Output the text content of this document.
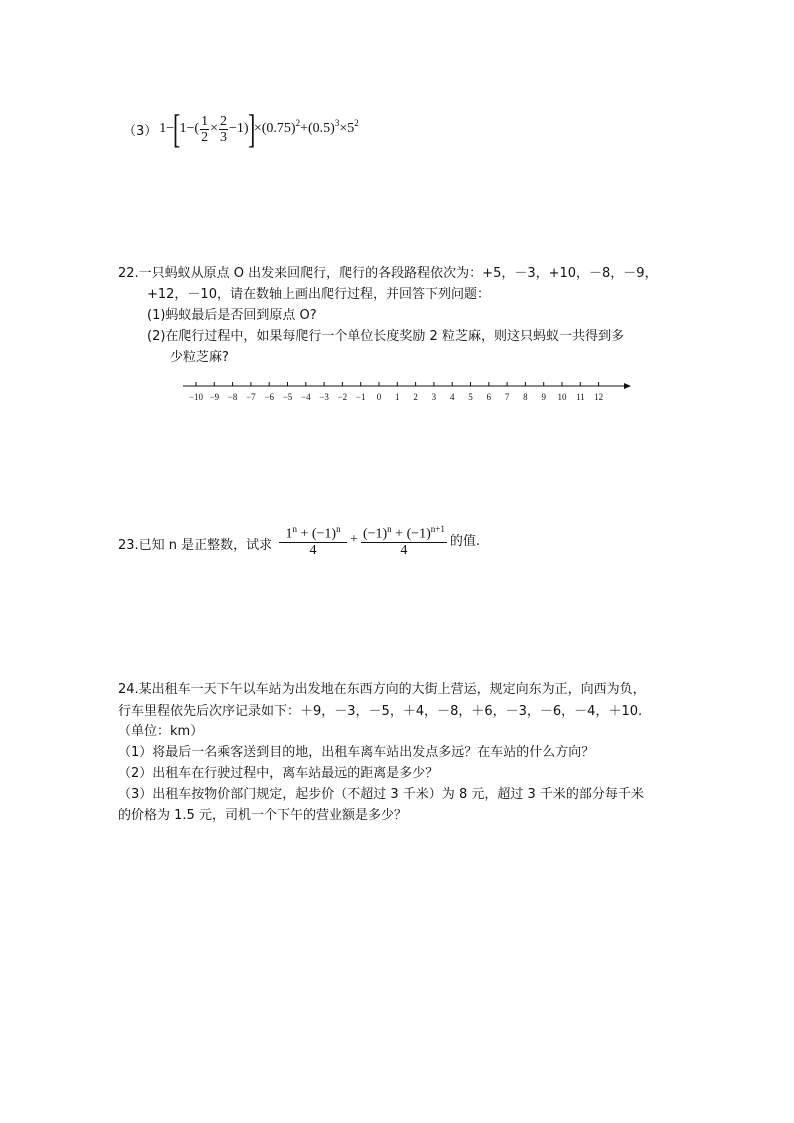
（3） 1 −
[
$1-( \frac{1}{2} \times \frac{2}{3} -1)$
]
$\times(0.75)^2 +(0.5)^3 \times 5^2$
22.一只蚂蚁从原点 O 出发来回爬行，爬行的各段路程依次为：+5，－3，+10，－8，－9，
+12，－10，请在数轴上画出爬行过程，并回答下列问题：
(1)蚂蚁最后是否回到原点 O?
(2)在爬行过程中，如果每爬行一个单位长度奖励 2 粒芝麻，则这只蚂蚁一共得到多
少粒芝麻?
−10 −9 −8 −7 −6 −5 −4 −3 −2 −1 0 1 2 3 4 5 6 7 8 9 10 11 12
23.已知 n 是正整数，试求 $\frac{1^n + (-1)^n}{4} + \frac{(-1)^n + (-1)^{n+1}}{4}$ 的值.
24.某出租车一天下午以车站为出发地在东西方向的大街上营运，规定向东为正，向西为负，
行车里程依先后次序记录如下：＋9，－3，－5，＋4，－8，＋6，－3，－6，－4，＋10.
（单位：km）
（1）将最后一名乘客送到目的地，出租车离车站出发点多远？在车站的什么方向？
（2）出租车在行驶过程中，离车站最远的距离是多少？
（3）出租车按物价部门规定，起步价（不超过 3 千米）为 8 元，超过 3 千米的部分每千米
的价格为 1.5 元，司机一个下午的营业额是多少？
